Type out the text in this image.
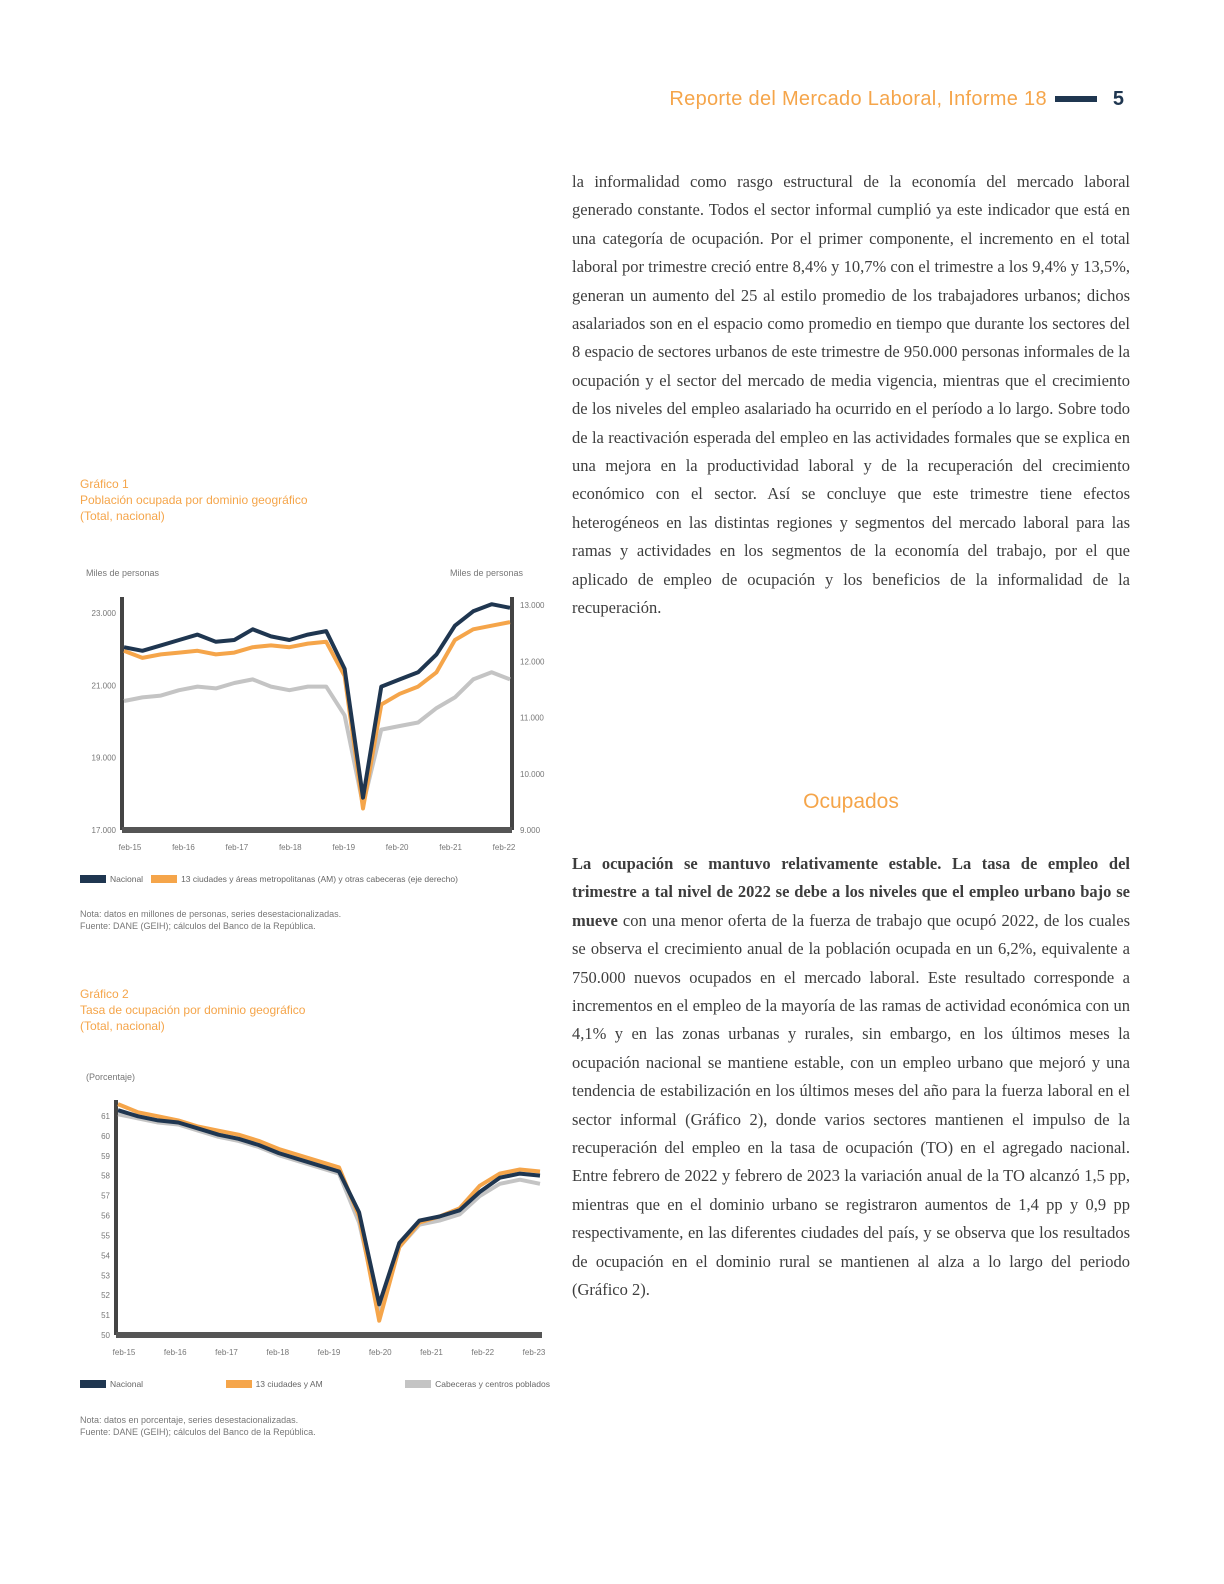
Reporte del Mercado Laboral, Informe 18	5
la informalidad como rasgo estructural de la economía del mercado laboral generado constante. Todos el sector informal cumplió ya este indicador que está en una categoría de ocupación. Por el primer componente, el incremento en el total laboral por trimestre creció entre 8,4% y 10,7% con el trimestre a los 9,4% y 13,5%, generan un aumento del 25 al estilo promedio de los trabajadores urbanos; dichos asalariados son en el espacio como promedio en tiempo que durante los sectores del 8 espacio de sectores urbanos de este trimestre de 950.000 personas informales de la ocupación y el sector del mercado de media vigencia, mientras que el crecimiento de los niveles del empleo asalariado ha ocurrido en el período a lo largo. Sobre todo de la reactivación esperada del empleo en las actividades formales que se explica en una mejora en la productividad laboral y de la recuperación del crecimiento económico con el sector. Así se concluye que este trimestre tiene efectos heterogéneos en las distintas regiones y segmentos del mercado laboral para las ramas y actividades en los segmentos de la economía del trabajo, por el que aplicado de empleo de ocupación y los beneficios de la informalidad de la recuperación.
Ocupados
La ocupación se mantuvo relativamente estable. La tasa de empleo del trimestre a tal nivel de 2022 se debe a los niveles que el empleo urbano bajo se mueve con una menor oferta de la fuerza de trabajo que ocupó 2022, de los cuales se observa el crecimiento anual de la población ocupada en un 6,2%, equivalente a 750.000 nuevos ocupados en el mercado laboral. Este resultado corresponde a incrementos en el empleo de la mayoría de las ramas de actividad económica con un 4,1% y en las zonas urbanas y rurales, sin embargo, en los últimos meses la ocupación nacional se mantiene estable, con un empleo urbano que mejoró y una tendencia de estabilización en los últimos meses del año para la fuerza laboral en el sector informal (Gráfico 2), donde varios sectores mantienen el impulso de la recuperación del empleo en la tasa de ocupación (TO) en el agregado nacional. Entre febrero de 2022 y febrero de 2023 la variación anual de la TO alcanzó 1,5 pp, mientras que en el dominio urbano se registraron aumentos de 1,4 pp y 0,9 pp respectivamente, en las diferentes ciudades del país, y se observa que los resultados de ocupación en el dominio rural se mantienen al alza a lo largo del periodo (Gráfico 2).
Gráfico 1
Población ocupada por dominio geográfico
(Total, nacional)
Miles de personas	Miles de personas
23.000
21.000
19.000
17.000
13.000
12.000
11.000
10.000
9.000
feb-15	feb-16	feb-17	feb-18	feb-19	feb-20	feb-21	feb-22
Nacional	13 ciudades y áreas metropolitanas (AM) y otras cabeceras (eje derecho)
Nota: datos en millones de personas, series desestacionalizadas.
Fuente: DANE (GEIH); cálculos del Banco de la República.
Gráfico 2
Tasa de ocupación por dominio geográfico
(Total, nacional)
(Porcentaje)
61
60
59
58
57
56
55
54
53
52
51
50
feb-15	feb-16	feb-17	feb-18	feb-19	feb-20	feb-21	feb-22	feb-23
Nacional	13 ciudades y AM	Cabeceras y centros poblados
Nota: datos en porcentaje, series desestacionalizadas.
Fuente: DANE (GEIH); cálculos del Banco de la República.
